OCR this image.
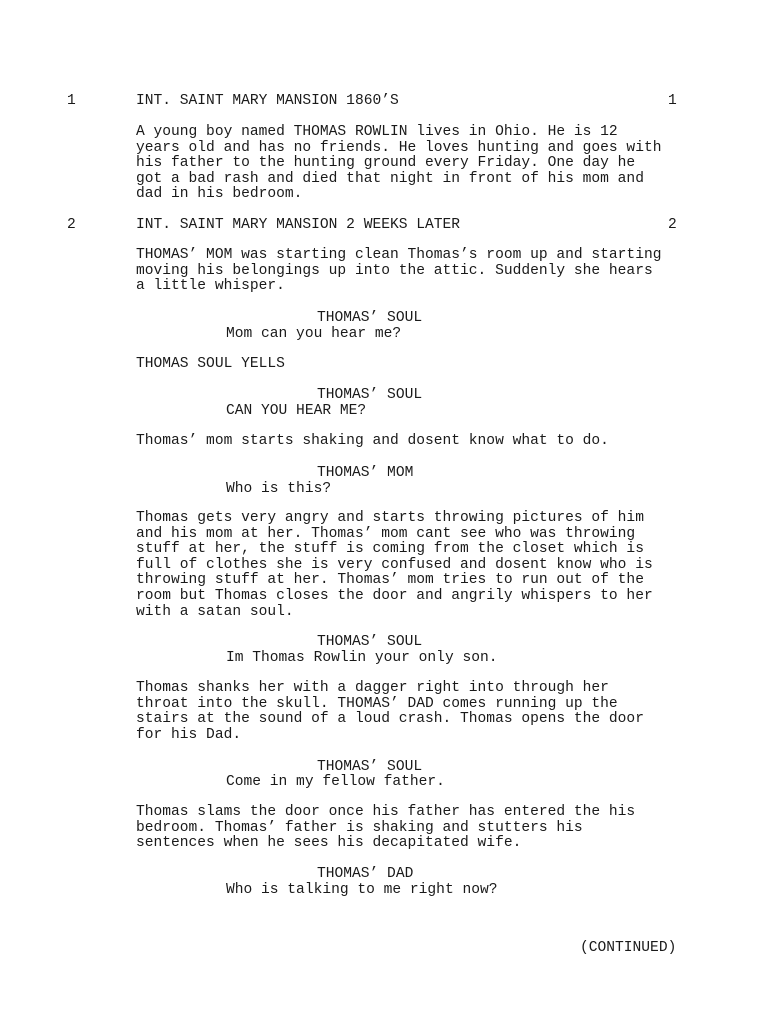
1	INT. SAINT MARY MANSION 1860’S	1
A young boy named THOMAS ROWLIN lives in Ohio. He is 12
years old and has no friends. He loves hunting and goes with
his father to the hunting ground every Friday. One day he
got a bad rash and died that night in front of his mom and
dad in his bedroom.
2	INT. SAINT MARY MANSION 2 WEEKS LATER	2
THOMAS’ MOM was starting clean Thomas’s room up and starting
moving his belongings up into the attic. Suddenly she hears
a little whisper.
THOMAS’ SOUL
Mom can you hear me?
THOMAS SOUL YELLS
THOMAS’ SOUL
CAN YOU HEAR ME?
Thomas’ mom starts shaking and dosent know what to do.
THOMAS’ MOM
Who is this?
Thomas gets very angry and starts throwing pictures of him
and his mom at her. Thomas’ mom cant see who was throwing
stuff at her, the stuff is coming from the closet which is
full of clothes she is very confused and dosent know who is
throwing stuff at her. Thomas’ mom tries to run out of the
room but Thomas closes the door and angrily whispers to her
with a satan soul.
THOMAS’ SOUL
Im Thomas Rowlin your only son.
Thomas shanks her with a dagger right into through her
throat into the skull. THOMAS’ DAD comes running up the
stairs at the sound of a loud crash. Thomas opens the door
for his Dad.
THOMAS’ SOUL
Come in my fellow father.
Thomas slams the door once his father has entered the his
bedroom. Thomas’ father is shaking and stutters his
sentences when he sees his decapitated wife.
THOMAS’ DAD
Who is talking to me right now?
(CONTINUED)
